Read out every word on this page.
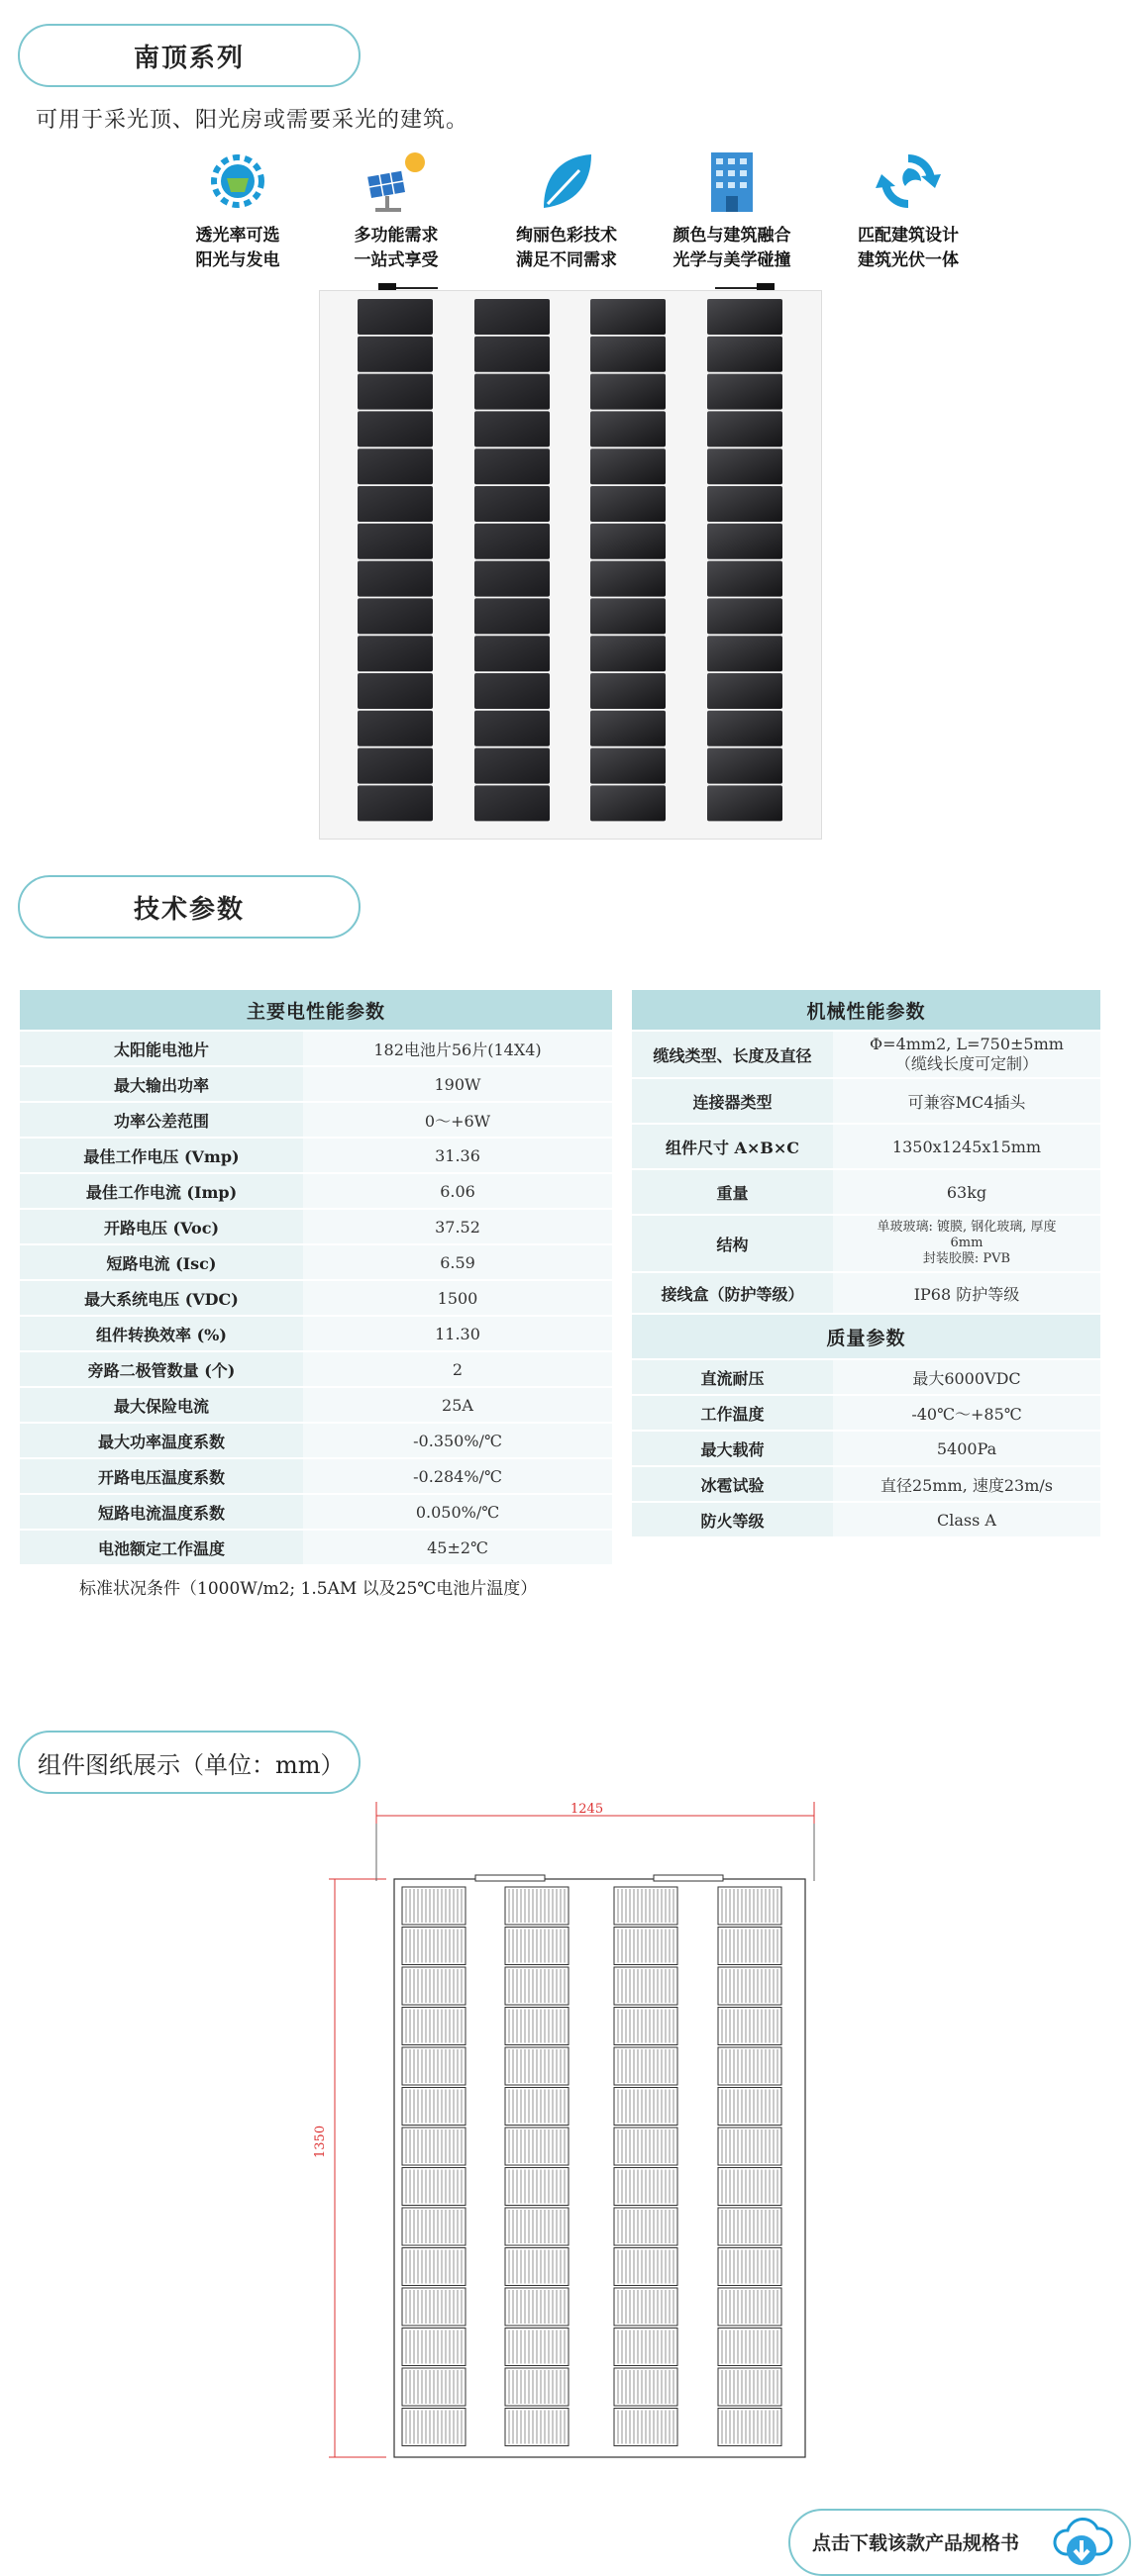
南顶系列
可用于采光顶、阳光房或需要采光的建筑。
透光率可选
阳光与发电
多功能需求
一站式享受
绚丽色彩技术
满足不同需求
颜色与建筑融合
光学与美学碰撞
匹配建筑设计
建筑光伏一体
技术参数
主要电性能参数	
太阳能电池片	182电池片56片(14X4)
最大输出功率	190W
功率公差范围	0～+6W
最佳工作电压 (Vmp)	31.36
最佳工作电流 (Imp)	6.06
开路电压 (Voc)	37.52
短路电流 (Isc)	6.59
最大系统电压 (VDC)	1500
组件转换效率 (%)	11.30
旁路二极管数量 (个)	2
最大保险电流	25A
最大功率温度系数	-0.350%/℃
开路电压温度系数	-0.284%/℃
短路电流温度系数	0.050%/℃
电池额定工作温度	45±2℃
标准状况条件（1000W/m2; 1.5AM 以及25℃电池片温度）
机械性能参数	
缆线类型、长度及直径	Φ=4mm2, L=750±5mm
（缆线长度可定制）

连接器类型	可兼容MC4插头
组件尺寸 A×B×C	1350x1245x15mm
重量	63kg
结构	单玻玻璃: 镀膜, 钢化玻璃, 厚度
6mm
封装胶膜: PVB

接线盒（防护等级）	IP68 防护等级
质量参数	
直流耐压	最大6000VDC
工作温度	-40℃～+85℃
最大载荷	5400Pa
冰雹试验	直径25mm, 速度23m/s
防火等级	Class A
组件图纸展示（单位：mm）
1245
1350
点击下载该款产品规格书
